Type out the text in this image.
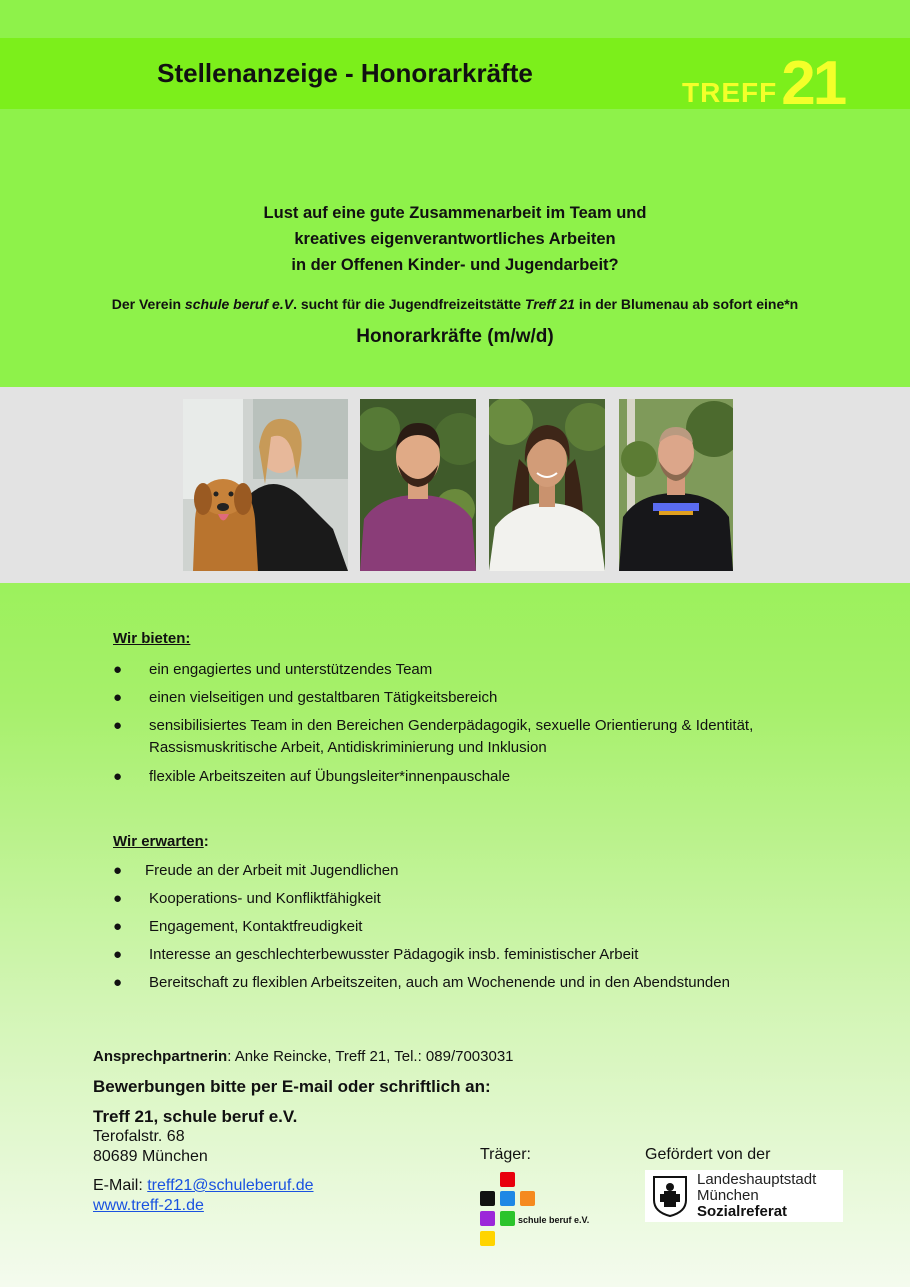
Stellenanzeige - Honorarkräfte
TREFF21
Lust auf eine gute Zusammenarbeit im Team und
kreatives eigenverantwortliches Arbeiten
in der Offenen Kinder- und Jugendarbeit?
Der Verein schule beruf e.V. sucht für die Jugendfreizeitstätte Treff 21 in der Blumenau ab sofort eine*n
Honorarkräfte (m/w/d)
Wir bieten:
● ein engagiertes und unterstützendes Team
● einen vielseitigen und gestaltbaren Tätigkeitsbereich
● sensibilisiertes Team in den Bereichen Genderpädagogik, sexuelle Orientierung & Identität, Rassismuskritische Arbeit, Antidiskriminierung und Inklusion
● flexible Arbeitszeiten auf Übungsleiter*innenpauschale
Wir erwarten:
● Freude an der Arbeit mit Jugendlichen
● Kooperations- und Konfliktfähigkeit
● Engagement, Kontaktfreudigkeit
● Interesse an geschlechterbewusster Pädagogik insb. feministischer Arbeit
● Bereitschaft zu flexiblen Arbeitszeiten, auch am Wochenende und in den Abendstunden
Ansprechpartnerin: Anke Reincke, Treff 21, Tel.: 089/7003031
Bewerbungen bitte per E-mail oder schriftlich an:
Treff 21, schule beruf e.V.
Terofalstr. 68
80689 München
E-Mail: treff21@schuleberuf.de
www.treff-21.de
Träger:
schule beruf e.V.
Gefördert von der
Landeshauptstadt
München
Sozialreferat
